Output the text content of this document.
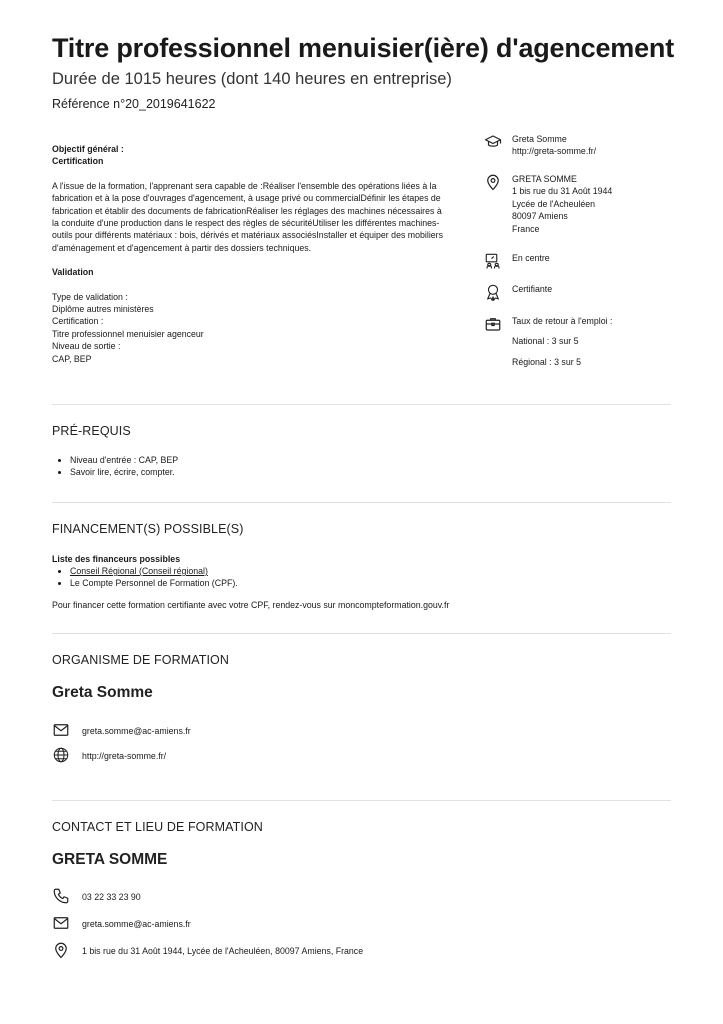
Titre professionnel menuisier(ière) d'agencement
Durée de 1015 heures (dont 140 heures en entreprise)
Référence n°20_2019641622
Objectif général :
Certification
A l'issue de la formation, l'apprenant sera capable de :Réaliser l'ensemble des opérations liées à la
fabrication et à la pose d'ouvrages d'agencement, à usage privé ou commercialDéfinir les étapes de
fabrication et établir des documents de fabricationRéaliser les réglages des machines nécessaires à
la conduite d'une production dans le respect des règles de sécuritéUtiliser les différentes machines-
outils pour différents matériaux : bois, dérivés et matériaux associésInstaller et équiper des mobiliers
d'aménagement et d'agencement à partir des dossiers techniques.
Validation
Type de validation :
Diplôme autres ministères
Certification :
Titre professionnel menuisier agenceur
Niveau de sortie :
CAP, BEP
Greta Somme
http://greta-somme.fr/
GRETA SOMME
1 bis rue du 31 Août 1944
Lycée de l'Acheuléen
80097 Amiens
France
En centre
Certifiante
Taux de retour à l'emploi :
National : 3 sur 5
Régional : 3 sur 5
PRÉ-REQUIS
• Niveau d'entrée : CAP, BEP
• Savoir lire, écrire, compter.
FINANCEMENT(S) POSSIBLE(S)
Liste des financeurs possibles
• Conseil Régional (Conseil régional)
• Le Compte Personnel de Formation (CPF).
Pour financer cette formation certifiante avec votre CPF, rendez-vous sur moncompteformation.gouv.fr
ORGANISME DE FORMATION
Greta Somme
greta.somme@ac-amiens.fr
http://greta-somme.fr/
CONTACT ET LIEU DE FORMATION
GRETA SOMME
03 22 33 23 90
greta.somme@ac-amiens.fr
1 bis rue du 31 Août 1944, Lycée de l'Acheuléen, 80097 Amiens, France
